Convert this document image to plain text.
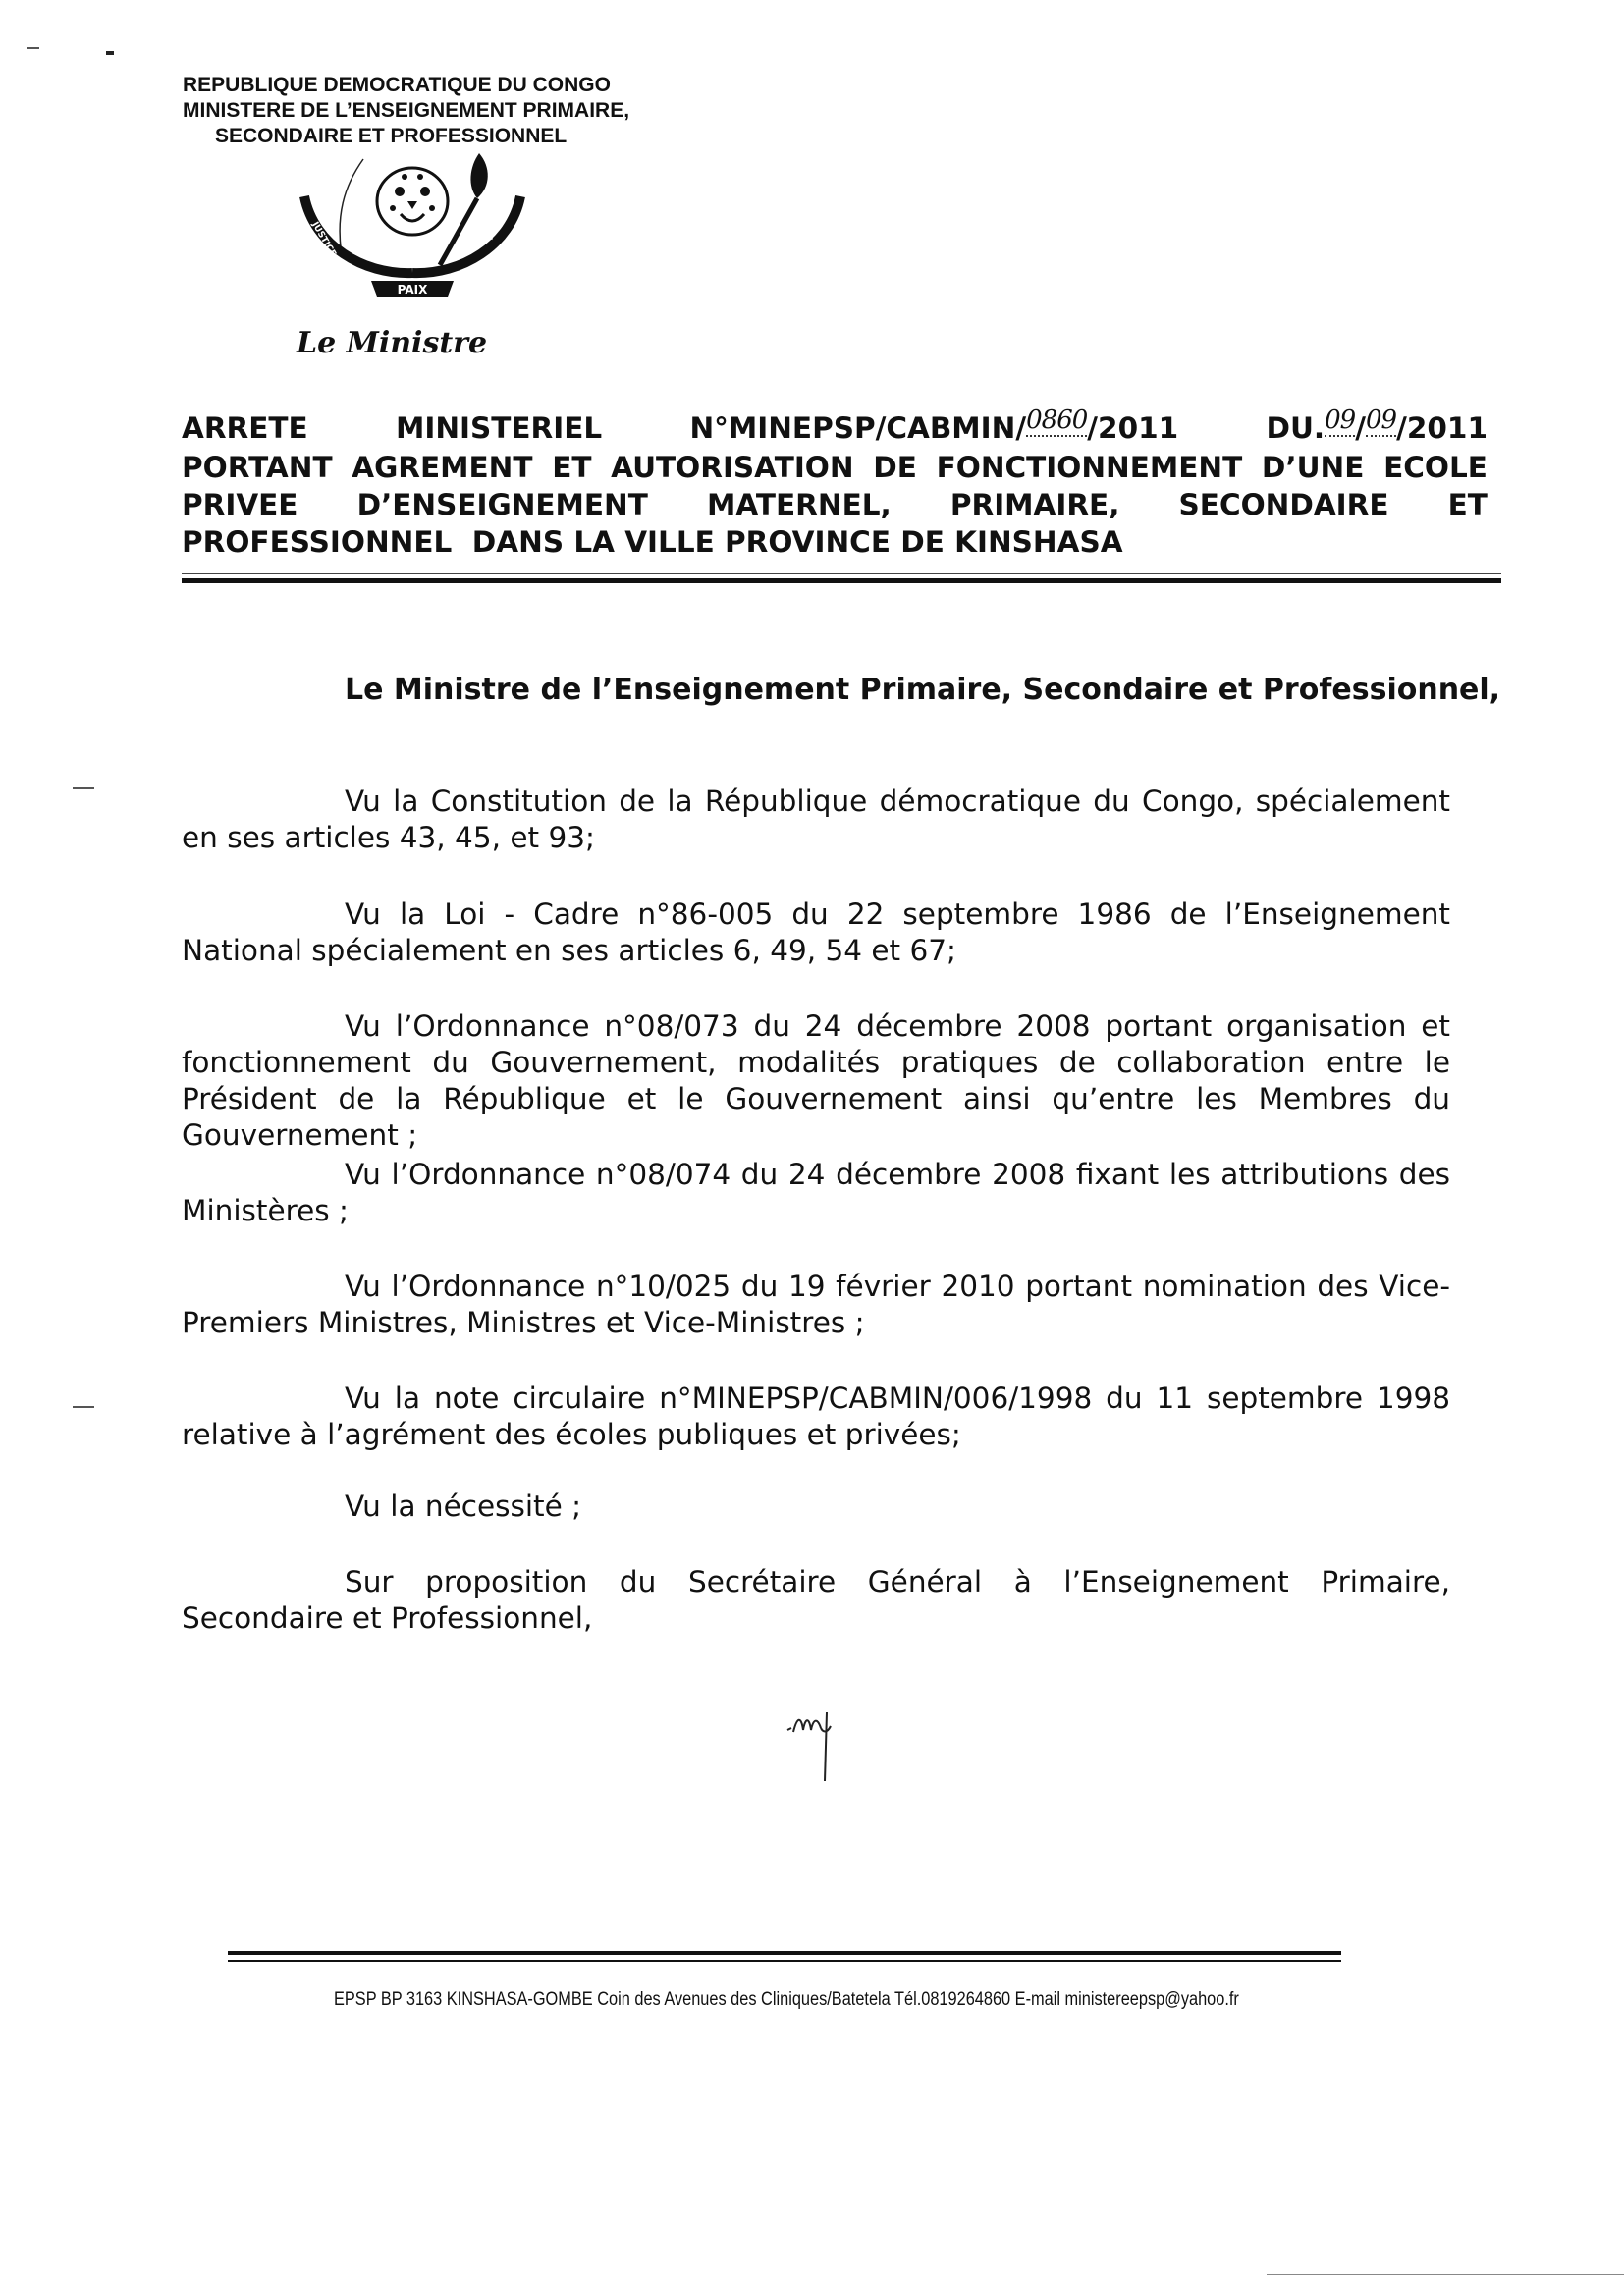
REPUBLIQUE DEMOCRATIQUE DU CONGO
MINISTERE DE L’ENSEIGNEMENT PRIMAIRE,
SECONDAIRE ET PROFESSIONNEL
PAIX
JUSTICE	TRAVAIL
Le Ministre
ARRETE	MINISTERIEL	N°MINEPSP/CABMIN/0860/2011	DU.09/09/2011
PORTANT AGREMENT ET AUTORISATION DE FONCTIONNEMENT D’UNE ECOLE
PRIVEE D’ENSEIGNEMENT MATERNEL, PRIMAIRE, SECONDAIRE ET
PROFESSIONNEL  DANS LA VILLE PROVINCE DE KINSHASA
Le Ministre de l’Enseignement Primaire, Secondaire et Professionnel,

Vu la Constitution de la République démocratique du Congo, spécialement en ses articles 43, 45, et 93;

Vu la Loi - Cadre n°86-005 du 22 septembre 1986 de l’Enseignement National spécialement en ses articles 6, 49, 54 et 67;

Vu l’Ordonnance n°08/073 du 24 décembre 2008 portant organisation et fonctionnement du Gouvernement, modalités pratiques de collaboration entre le Président de la République et le Gouvernement ainsi qu’entre les Membres du Gouvernement ;

Vu l’Ordonnance n°08/074 du 24 décembre 2008 fixant les attributions des Ministères ;

Vu l’Ordonnance n°10/025 du 19 février 2010 portant nomination des Vice-Premiers Ministres, Ministres et Vice-Ministres ;

Vu la note circulaire n°MINEPSP/CABMIN/006/1998 du 11 septembre 1998 relative à l’agrément des écoles publiques et privées;

Vu la nécessité ;

Sur proposition du Secrétaire Général à l’Enseignement Primaire, Secondaire et Professionnel,

EPSP BP 3163 KINSHASA-GOMBE Coin des Avenues des Cliniques/Batetela Tél.0819264860 E-mail ministereepsp@yahoo.fr
